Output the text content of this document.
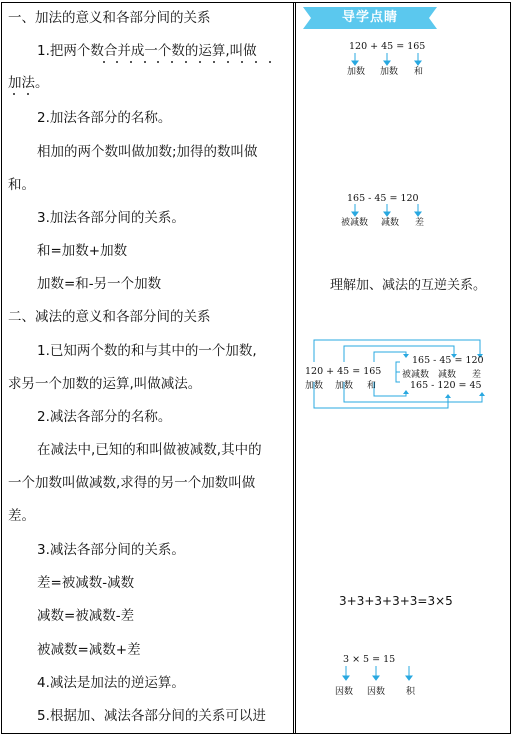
一、加法的意义和各部分间的关系
1.把两个数合并成一个数的运算,叫做
加法。
2.加法各部分的名称。
相加的两个数叫做加数;加得的数叫做
和。
3.加法各部分间的关系。
和=加数+加数
加数=和-另一个加数
二、减法的意义和各部分间的关系
1.已知两个数的和与其中的一个加数,
求另一个加数的运算,叫做减法。
2.减法各部分的名称。
在减法中,已知的和叫做被减数,其中的
一个加数叫做减数,求得的另一个加数叫做
差。
3.减法各部分间的关系。
差=被减数-减数
减数=被减数-差
被减数=减数+差
4.减法是加法的逆运算。
5.根据加、减法各部分间的关系可以进
导学点睛
120 + 45 = 165
加数 加数 和
165 - 45 = 120
被减数 减数 差
理解加、减法的互逆关系。
120 + 45 = 165
加数 加数 和
165 - 45 = 120
被减数 减数 差
165 - 120 = 45
3+3+3+3+3=3×5
3 × 5 = 15
因数 因数 积
